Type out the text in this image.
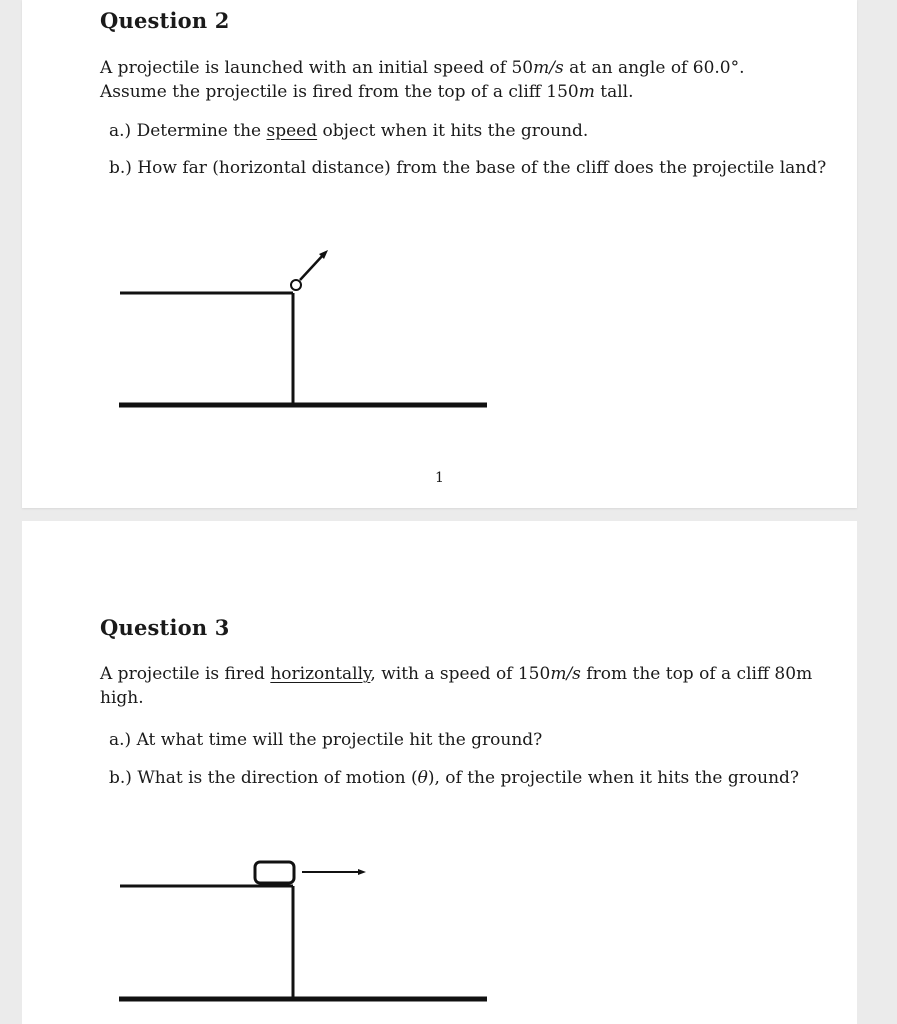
Question 2

A projectile is launched with an initial speed of 50m/s at an angle of 60.0°.
Assume the projectile is fired from the top of a cliff 150m tall.

a.) Determine the speed object when it hits the ground.

b.) How far (horizontal distance) from the base of the cliff does the projectile land?

1

Question 3

A projectile is fired horizontally, with a speed of 150m/s from the top of a cliff 80m
high.

a.) At what time will the projectile hit the ground?

b.) What is the direction of motion (θ), of the projectile when it hits the ground?
